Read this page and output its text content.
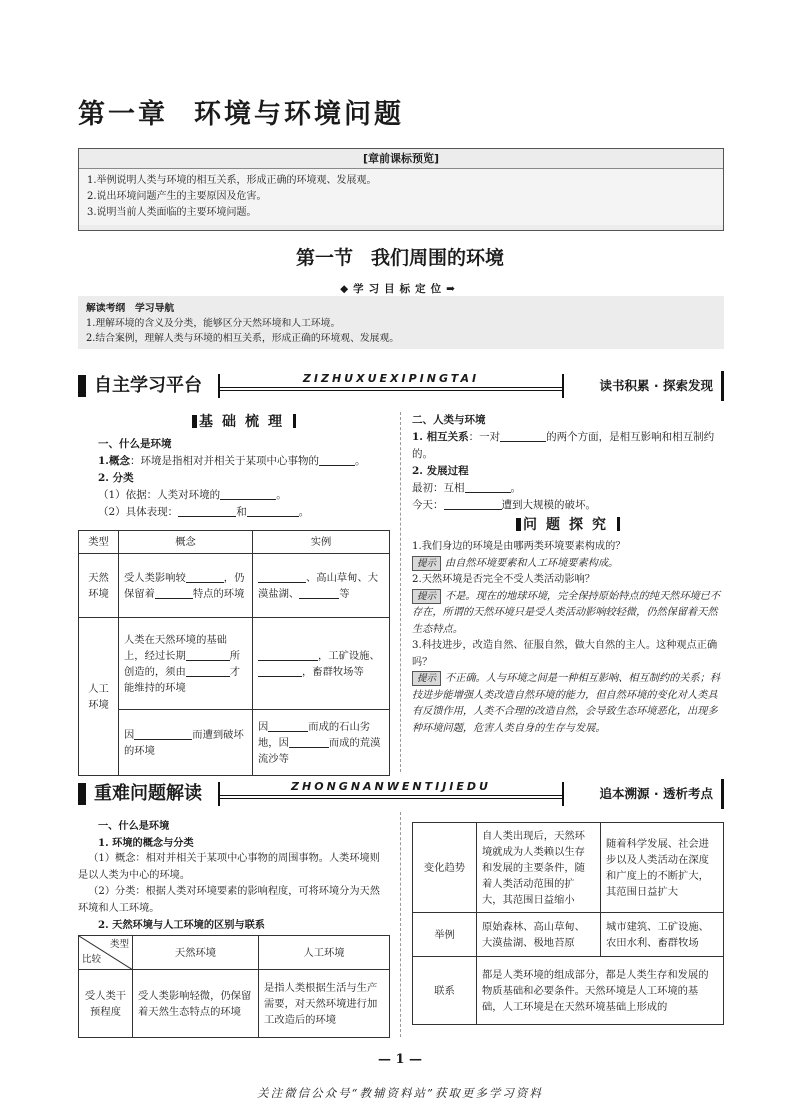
第一章 环境与环境问题
[章前课标预览]
1.举例说明人类与环境的相互关系，形成正确的环境观、发展观。
2.说出环境问题产生的主要原因及危害。
3.说明当前人类面临的主要环境问题。
第一节 我们周围的环境
◆学习目标定位➡
解读考纲　学习导航
1.理解环境的含义及分类，能够区分天然环境和人工环境。
2.结合案例，理解人类与环境的相互关系，形成正确的环境观、发展观。
自主学习平台	ZIZHUXUEXIPINGTAI	读书积累 · 探索发现
基础梳理
一、什么是环境
1.概念：环境是指相对并相关于某项中心事物的	。
2. 分类
（1）依据：人类对环境的	。
（2）具体表现：	和	。
类型	概念	实例
天然环境	受人类影响较 ，仍保留着 特点的环境	、高山草甸、大漠盐湖、 等
人工环境	人类在天然环境的基础上，经过长期 所创造的，须由 才能维持的环境	，工矿设施、，畜群牧场等
	因 而遭到破坏的环境	因 而成的石山劣地，因 而成的荒漠流沙等
二、人类与环境
1. 相互关系：一对	的两个方面，是相互影响和相互制约的。
2. 发展过程
最初：互相	。
今天：	遭到大规模的破坏。
问题探究
1.我们身边的环境是由哪两类环境要素构成的？
提示 由自然环境要素和人工环境要素构成。
2.天然环境是否完全不受人类活动影响？
提示 不是。现在的地球环境，完全保持原始特点的纯天然环境已不存在，所谓的天然环境只是受人类活动影响较轻微，仍然保留着天然生态特点。
3.科技进步，改造自然、征服自然，做大自然的主人。这种观点正确吗？
提示 不正确。人与环境之间是一种相互影响、相互制约的关系；科技进步能增强人类改造自然环境的能力，但自然环境的变化对人类具有反馈作用，人类不合理的改造自然，会导致生态环境恶化，出现多种环境问题，危害人类自身的生存与发展。
重难问题解读	ZHONGNANWENTIJIEDU	追本溯源 · 透析考点
一、什么是环境
1. 环境的概念与分类
（1）概念：相对并相关于某项中心事物的周围事物。人类环境则是以人类为中心的环境。
（2）分类：根据人类对环境要素的影响程度，可将环境分为天然环境和人工环境。
2. 天然环境与人工环境的区别与联系
类型
比较	天然环境	人工环境
受人类干预程度	受人类影响轻微，仍保留着天然生态特点的环境	是指人类根据生活与生产需要，对天然环境进行加工改造后的环境
变化趋势	自人类出现后，天然环境就成为人类赖以生存和发展的主要条件，随着人类活动范围的扩大，其范围日益缩小	随着科学发展、社会进步以及人类活动在深度和广度上的不断扩大，其范围日益扩大
举例	原始森林、高山草甸、大漠盐湖、极地苔原	城市建筑、工矿设施、农田水利、畜群牧场
联系	都是人类环境的组成部分，都是人类生存和发展的物质基础和必要条件。天然环境是人工环境的基础，人工环境是在天然环境基础上形成的	
— 1 —
关注微信公众号“教辅资料站”获取更多学习资料
